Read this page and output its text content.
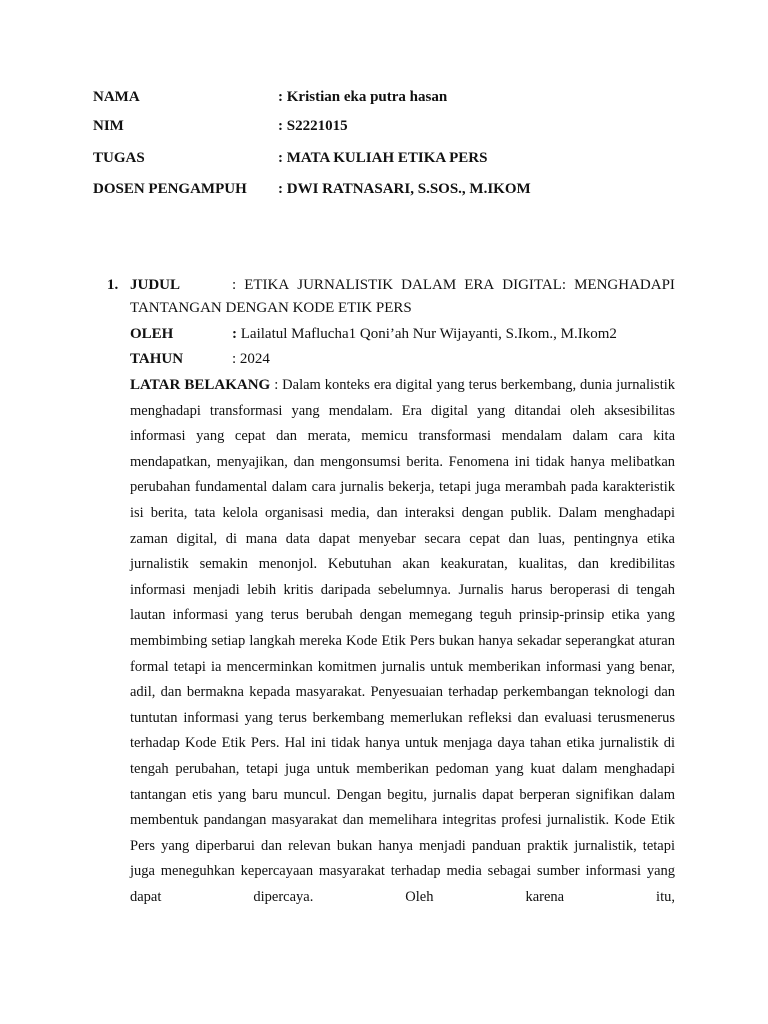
NAMA	: Kristian eka putra hasan
NIM	: S2221015
TUGAS	: MATA KULIAH ETIKA PERS
DOSEN PENGAMPUH : DWI RATNASARI, S.SOS., M.IKOM
1. JUDUL	: ETIKA JURNALISTIK DALAM ERA DIGITAL: MENGHADAPI
TANTANGAN DENGAN KODE ETIK PERS
OLEH	: Lailatul Maflucha1 Qoni’ah Nur Wijayanti, S.Ikom., M.Ikom2
TAHUN	: 2024
LATAR BELAKANG : Dalam konteks era digital yang terus berkembang, dunia jurnalistik menghadapi transformasi yang mendalam. Era digital yang ditandai oleh aksesibilitas informasi yang cepat dan merata, memicu transformasi mendalam dalam cara kita mendapatkan, menyajikan, dan mengonsumsi berita. Fenomena ini tidak hanya melibatkan perubahan fundamental dalam cara jurnalis bekerja, tetapi juga merambah pada karakteristik isi berita, tata kelola organisasi media, dan interaksi dengan publik. Dalam menghadapi zaman digital, di mana data dapat menyebar secara cepat dan luas, pentingnya etika jurnalistik semakin menonjol. Kebutuhan akan keakuratan, kualitas, dan kredibilitas informasi menjadi lebih kritis daripada sebelumnya. Jurnalis harus beroperasi di tengah lautan informasi yang terus berubah dengan memegang teguh prinsip-prinsip etika yang membimbing setiap langkah mereka Kode Etik Pers bukan hanya sekadar seperangkat aturan formal tetapi ia mencerminkan komitmen jurnalis untuk memberikan informasi yang benar, adil, dan bermakna kepada masyarakat. Penyesuaian terhadap perkembangan teknologi dan tuntutan informasi yang terus berkembang memerlukan refleksi dan evaluasi terusmenerus terhadap Kode Etik Pers. Hal ini tidak hanya untuk menjaga daya tahan etika jurnalistik di tengah perubahan, tetapi juga untuk memberikan pedoman yang kuat dalam menghadapi tantangan etis yang baru muncul. Dengan begitu, jurnalis dapat berperan signifikan dalam membentuk pandangan masyarakat dan memelihara integritas profesi jurnalistik. Kode Etik Pers yang diperbarui dan relevan bukan hanya menjadi panduan praktik jurnalistik, tetapi juga meneguhkan kepercayaan masyarakat terhadap media sebagai sumber informasi yang dapat dipercaya. Oleh karena itu,
